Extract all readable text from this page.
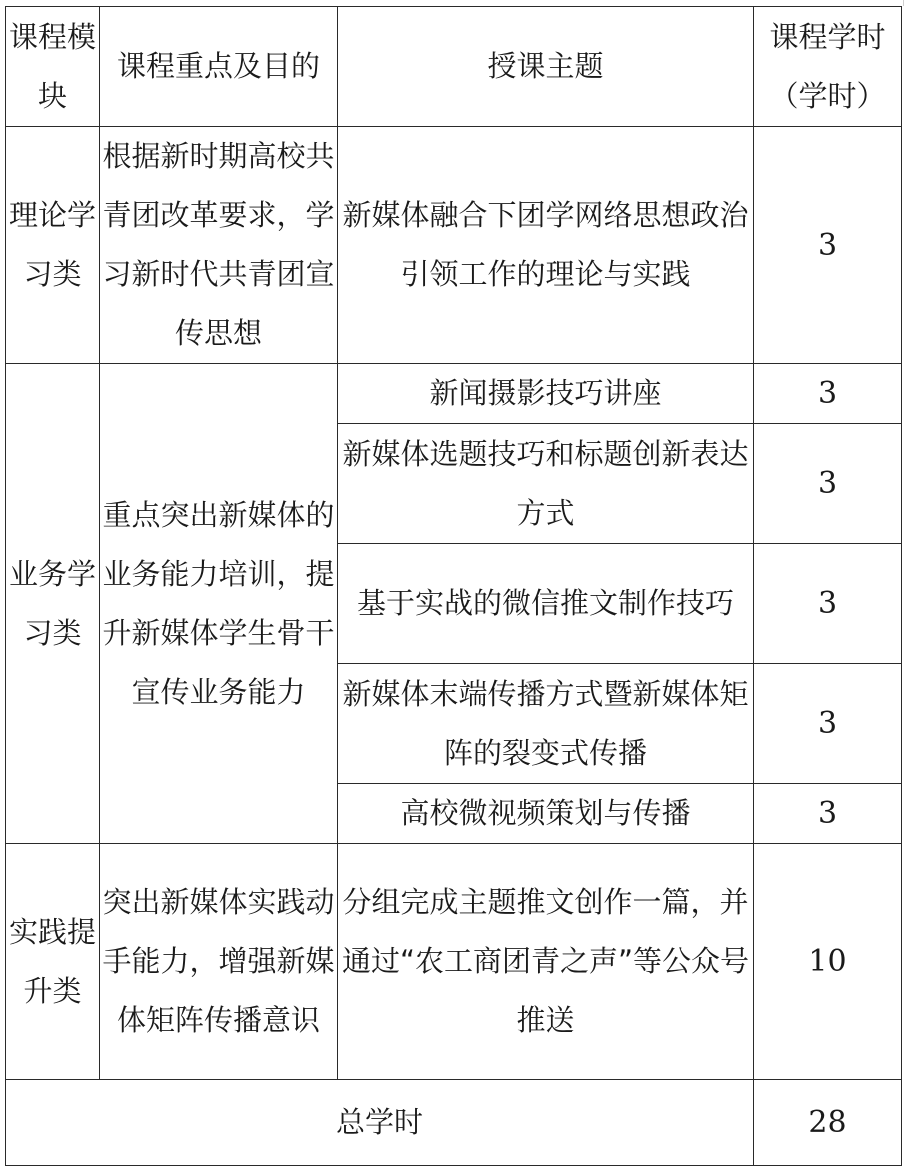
课程模块	课程重点及目的	授课主题	课程学时（学时）
理论学习类	根据新时期高校共青团改革要求，学习新时代共青团宣传思想	新媒体融合下团学网络思想政治引领工作的理论与实践	3
业务学习类	重点突出新媒体的业务能力培训，提升新媒体学生骨干宣传业务能力	新闻摄影技巧讲座	3
		新媒体选题技巧和标题创新表达方式	3
		基于实战的微信推文制作技巧	3
		新媒体末端传播方式暨新媒体矩阵的裂变式传播	3
		高校微视频策划与传播	3
实践提升类	突出新媒体实践动手能力，增强新媒体矩阵传播意识	分组完成主题推文创作一篇，并通过“农工商团青之声”等公众号推送	10
总学时			28
